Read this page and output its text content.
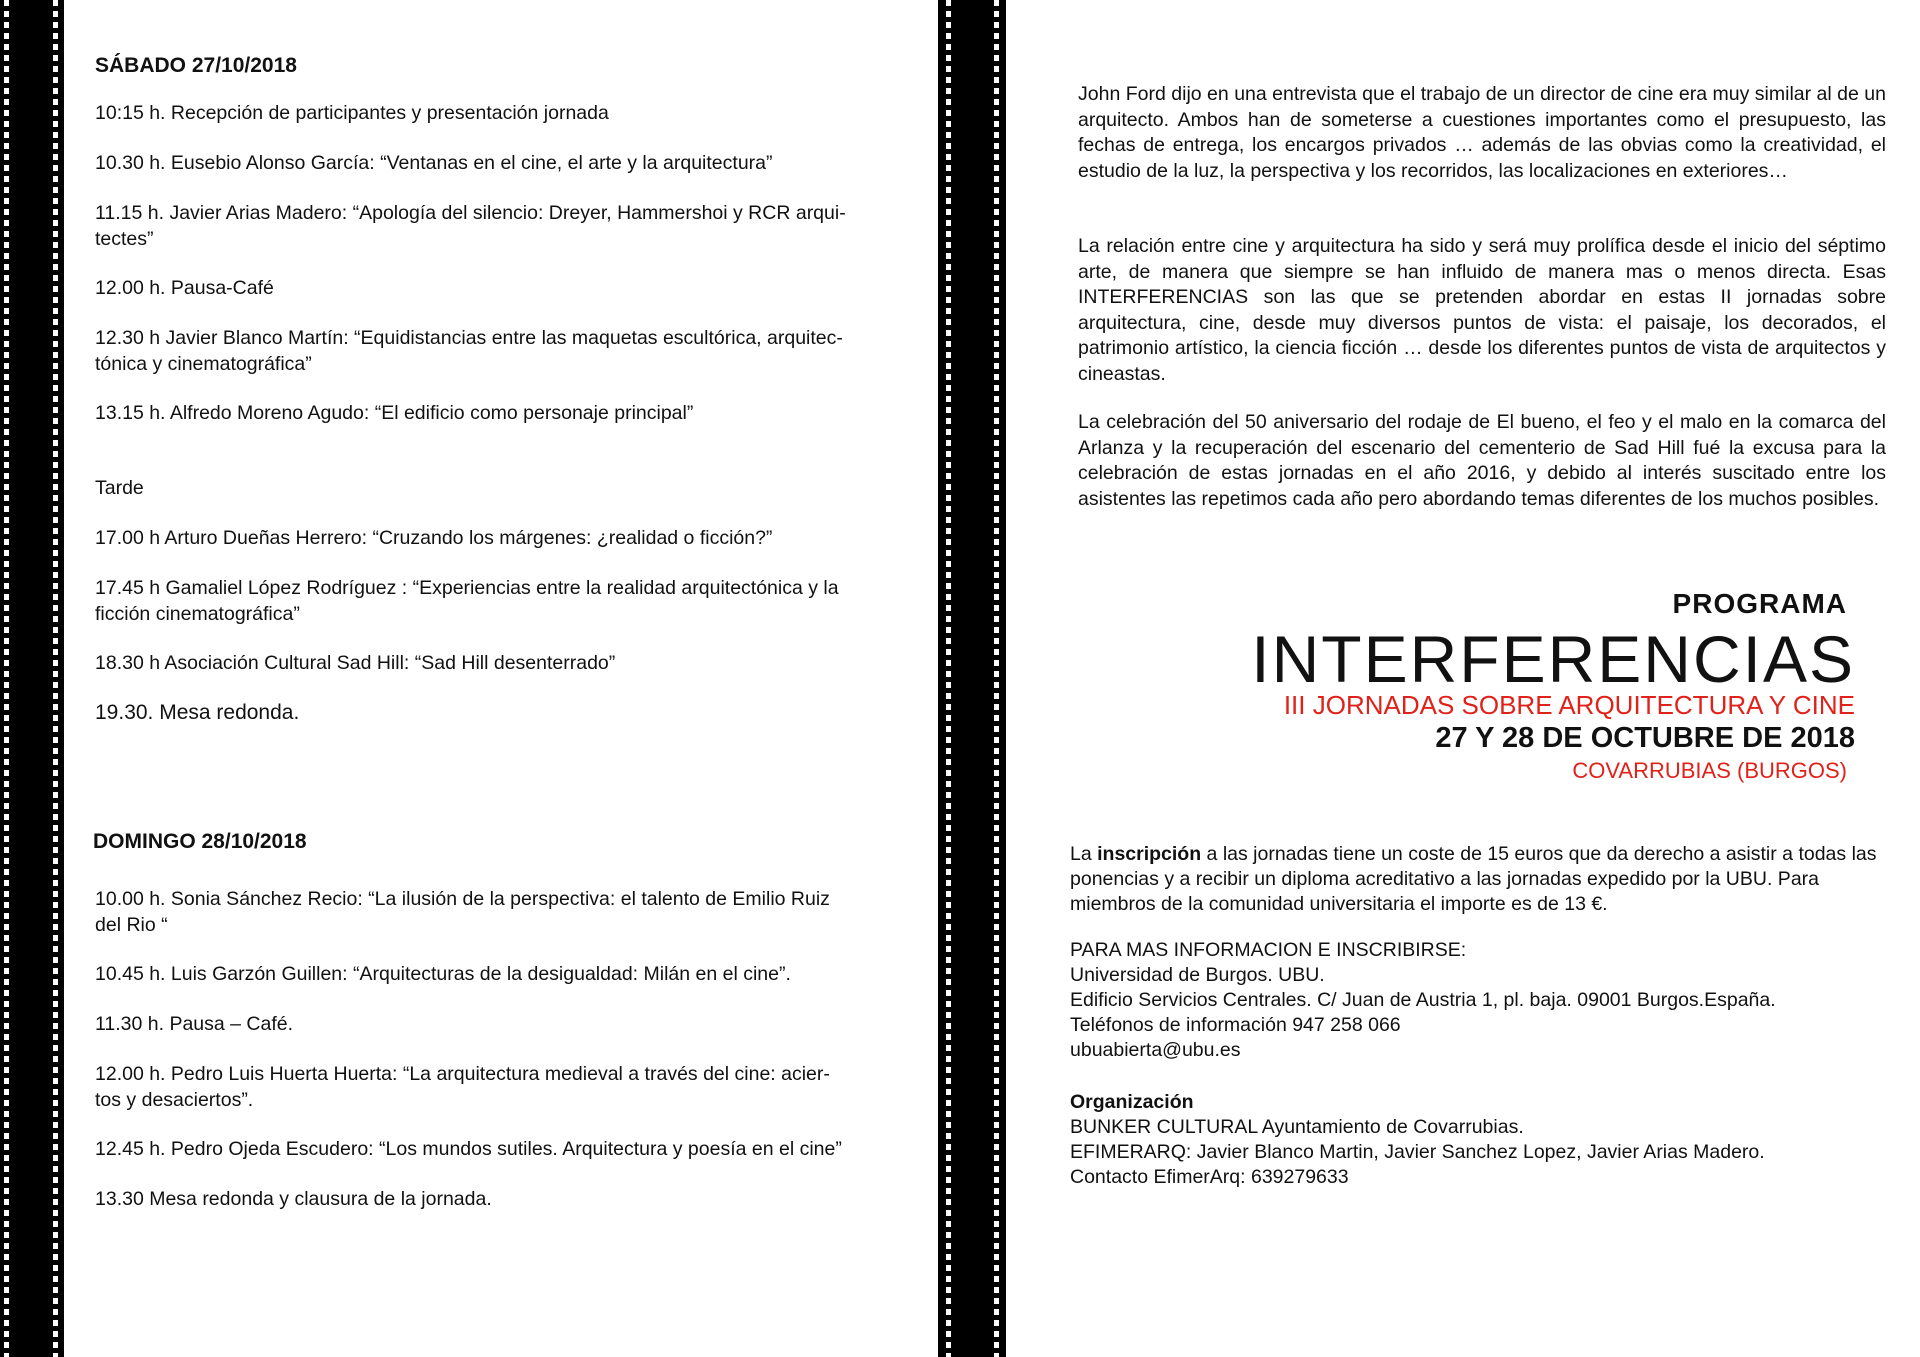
SÁBADO 27/10/2018
10:15 h. Recepción de participantes y presentación jornada
10.30 h. Eusebio Alonso García: “Ventanas en el cine, el arte y la arquitectura”
11.15 h. Javier Arias Madero: “Apología del silencio: Dreyer, Hammershoi y RCR arqui-
tectes”
12.00 h. Pausa-Café
12.30 h Javier Blanco Martín: “Equidistancias entre las maquetas escultórica, arquitec-
tónica y cinematográfica”
13.15 h. Alfredo Moreno Agudo: “El edificio como personaje principal”
Tarde
17.00 h Arturo Dueñas Herrero: “Cruzando los márgenes: ¿realidad o ficción?”
17.45 h Gamaliel López Rodríguez : “Experiencias entre la realidad arquitectónica y la
ficción cinematográfica”
18.30 h Asociación Cultural Sad Hill: “Sad Hill desenterrado”
19.30. Mesa redonda.
DOMINGO 28/10/2018
10.00 h. Sonia Sánchez Recio: “La ilusión de la perspectiva: el talento de Emilio Ruiz
del Rio “
10.45 h. Luis Garzón Guillen: “Arquitecturas de la desigualdad: Milán en el cine”.
11.30 h. Pausa – Café.
12.00 h. Pedro Luis Huerta Huerta: “La arquitectura medieval a través del cine: acier-
tos y desaciertos”.
12.45 h. Pedro Ojeda Escudero: “Los mundos sutiles. Arquitectura y poesía en el cine”
13.30 Mesa redonda y clausura de la jornada.
John Ford dijo en una entrevista que el trabajo de un director de cine era muy similar al de un arquitecto. Ambos han de someterse a cuestiones importantes como el presupuesto, las fechas de entrega, los encargos privados … además de las obvias como la creatividad, el estudio de la luz, la perspectiva y los recorridos, las localizaciones en exteriores…
La relación entre cine y arquitectura ha sido y será muy prolífica desde el inicio del séptimo arte, de manera que siempre se han influido de manera mas o menos directa. Esas INTERFERENCIAS son las que se pretenden abordar en estas II jornadas sobre arquitectura, cine, desde muy diversos puntos de vista: el paisaje, los decorados, el patrimonio artístico, la ciencia ficción … desde los diferentes puntos de vista de arquitectos y cineastas.
La celebración del 50 aniversario del rodaje de El bueno, el feo y el malo en la comarca del Arlanza y la recuperación del escenario del cementerio de Sad Hill fué la excusa para la celebración de estas jornadas en el año 2016, y debido al interés suscitado entre los asistentes las repetimos cada año pero abordando temas diferentes de los muchos posibles.
PROGRAMA
INTERFERENCIAS
III JORNADAS SOBRE ARQUITECTURA Y CINE
27 Y 28 DE OCTUBRE DE 2018
COVARRUBIAS (BURGOS)
La inscripción a las jornadas tiene un coste de 15 euros que da derecho a asistir a todas las ponencias y a recibir un diploma acreditativo a las jornadas expedido por la UBU. Para miembros de la comunidad universitaria el importe es de 13 €.
PARA MAS INFORMACION E INSCRIBIRSE:
Universidad de Burgos. UBU.
Edificio Servicios Centrales. C/ Juan de Austria 1, pl. baja. 09001 Burgos.España.
Teléfonos de información 947 258 066
ubuabierta@ubu.es
Organización
BUNKER CULTURAL Ayuntamiento de Covarrubias.
EFIMERARQ: Javier Blanco Martin, Javier Sanchez Lopez, Javier Arias Madero.
Contacto EfimerArq: 639279633
